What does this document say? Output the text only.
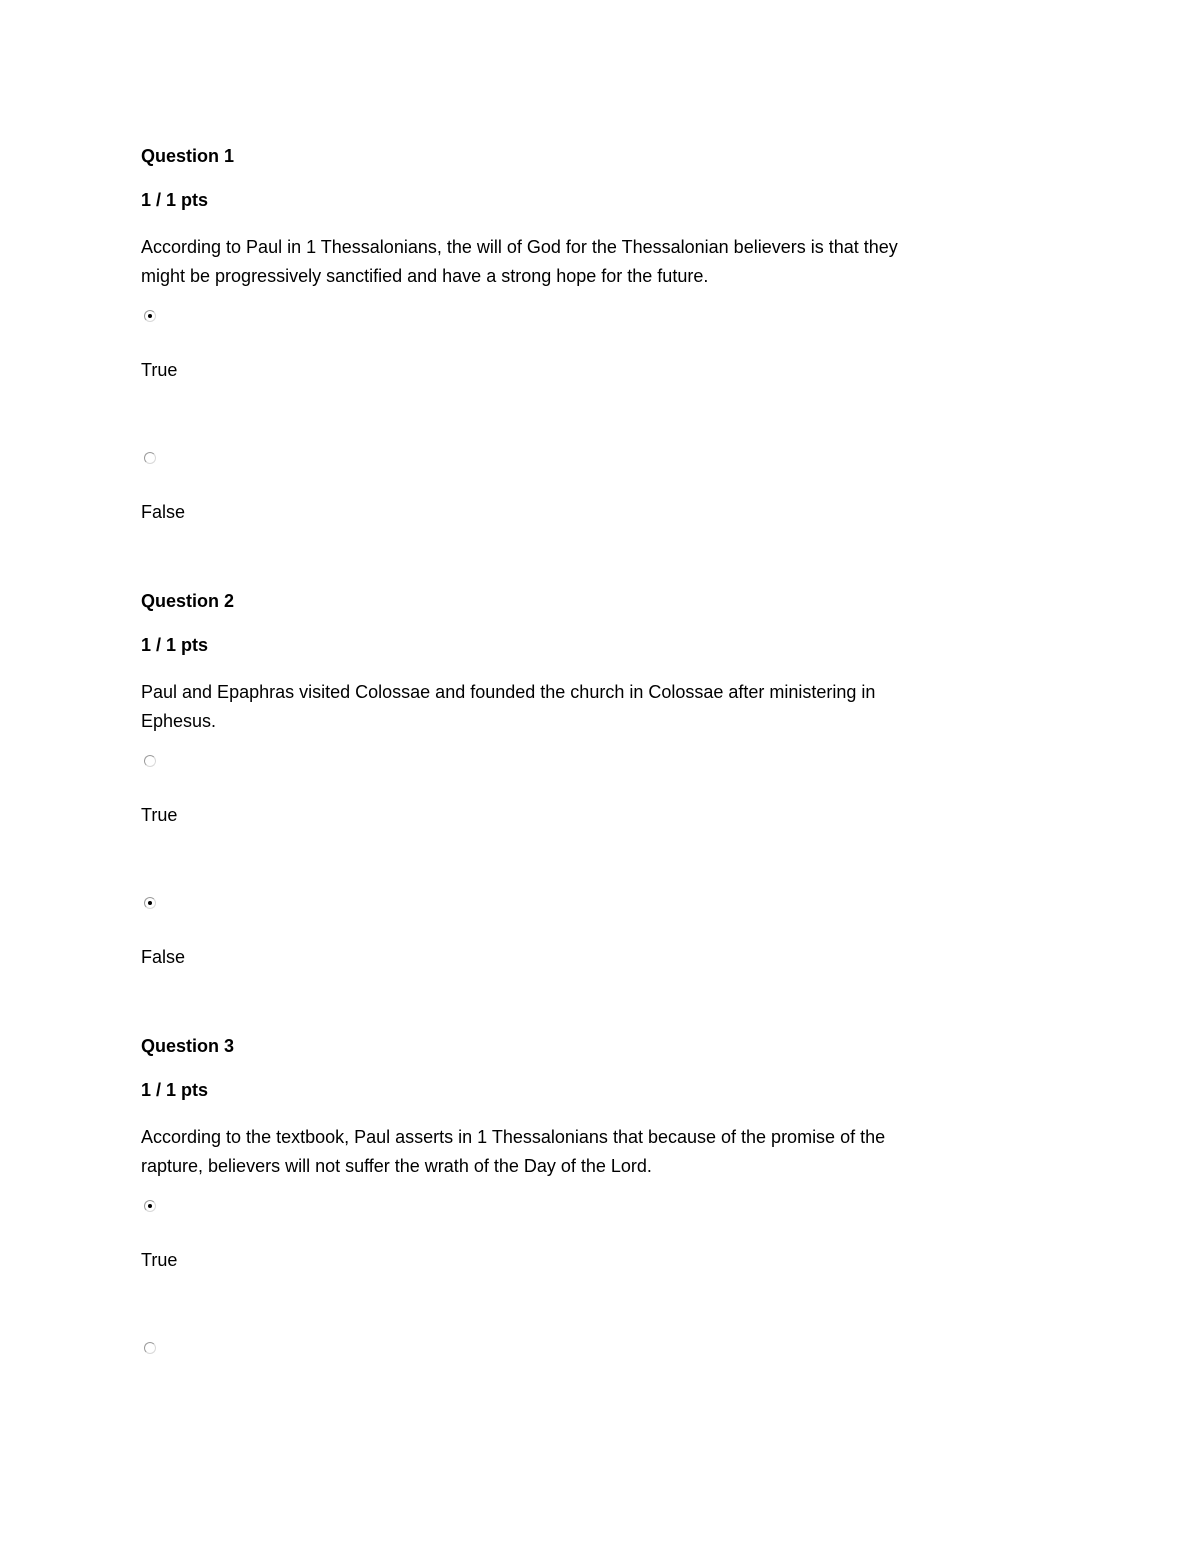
Question 1
1 / 1 pts
According to Paul in 1 Thessalonians, the will of God for the Thessalonian believers is that they might be progressively sanctified and have a strong hope for the future.
True
False
Question 2
1 / 1 pts
Paul and Epaphras visited Colossae and founded the church in Colossae after ministering in Ephesus.
True
False
Question 3
1 / 1 pts
According to the textbook, Paul asserts in 1 Thessalonians that because of the promise of the rapture, believers will not suffer the wrath of the Day of the Lord.
True
